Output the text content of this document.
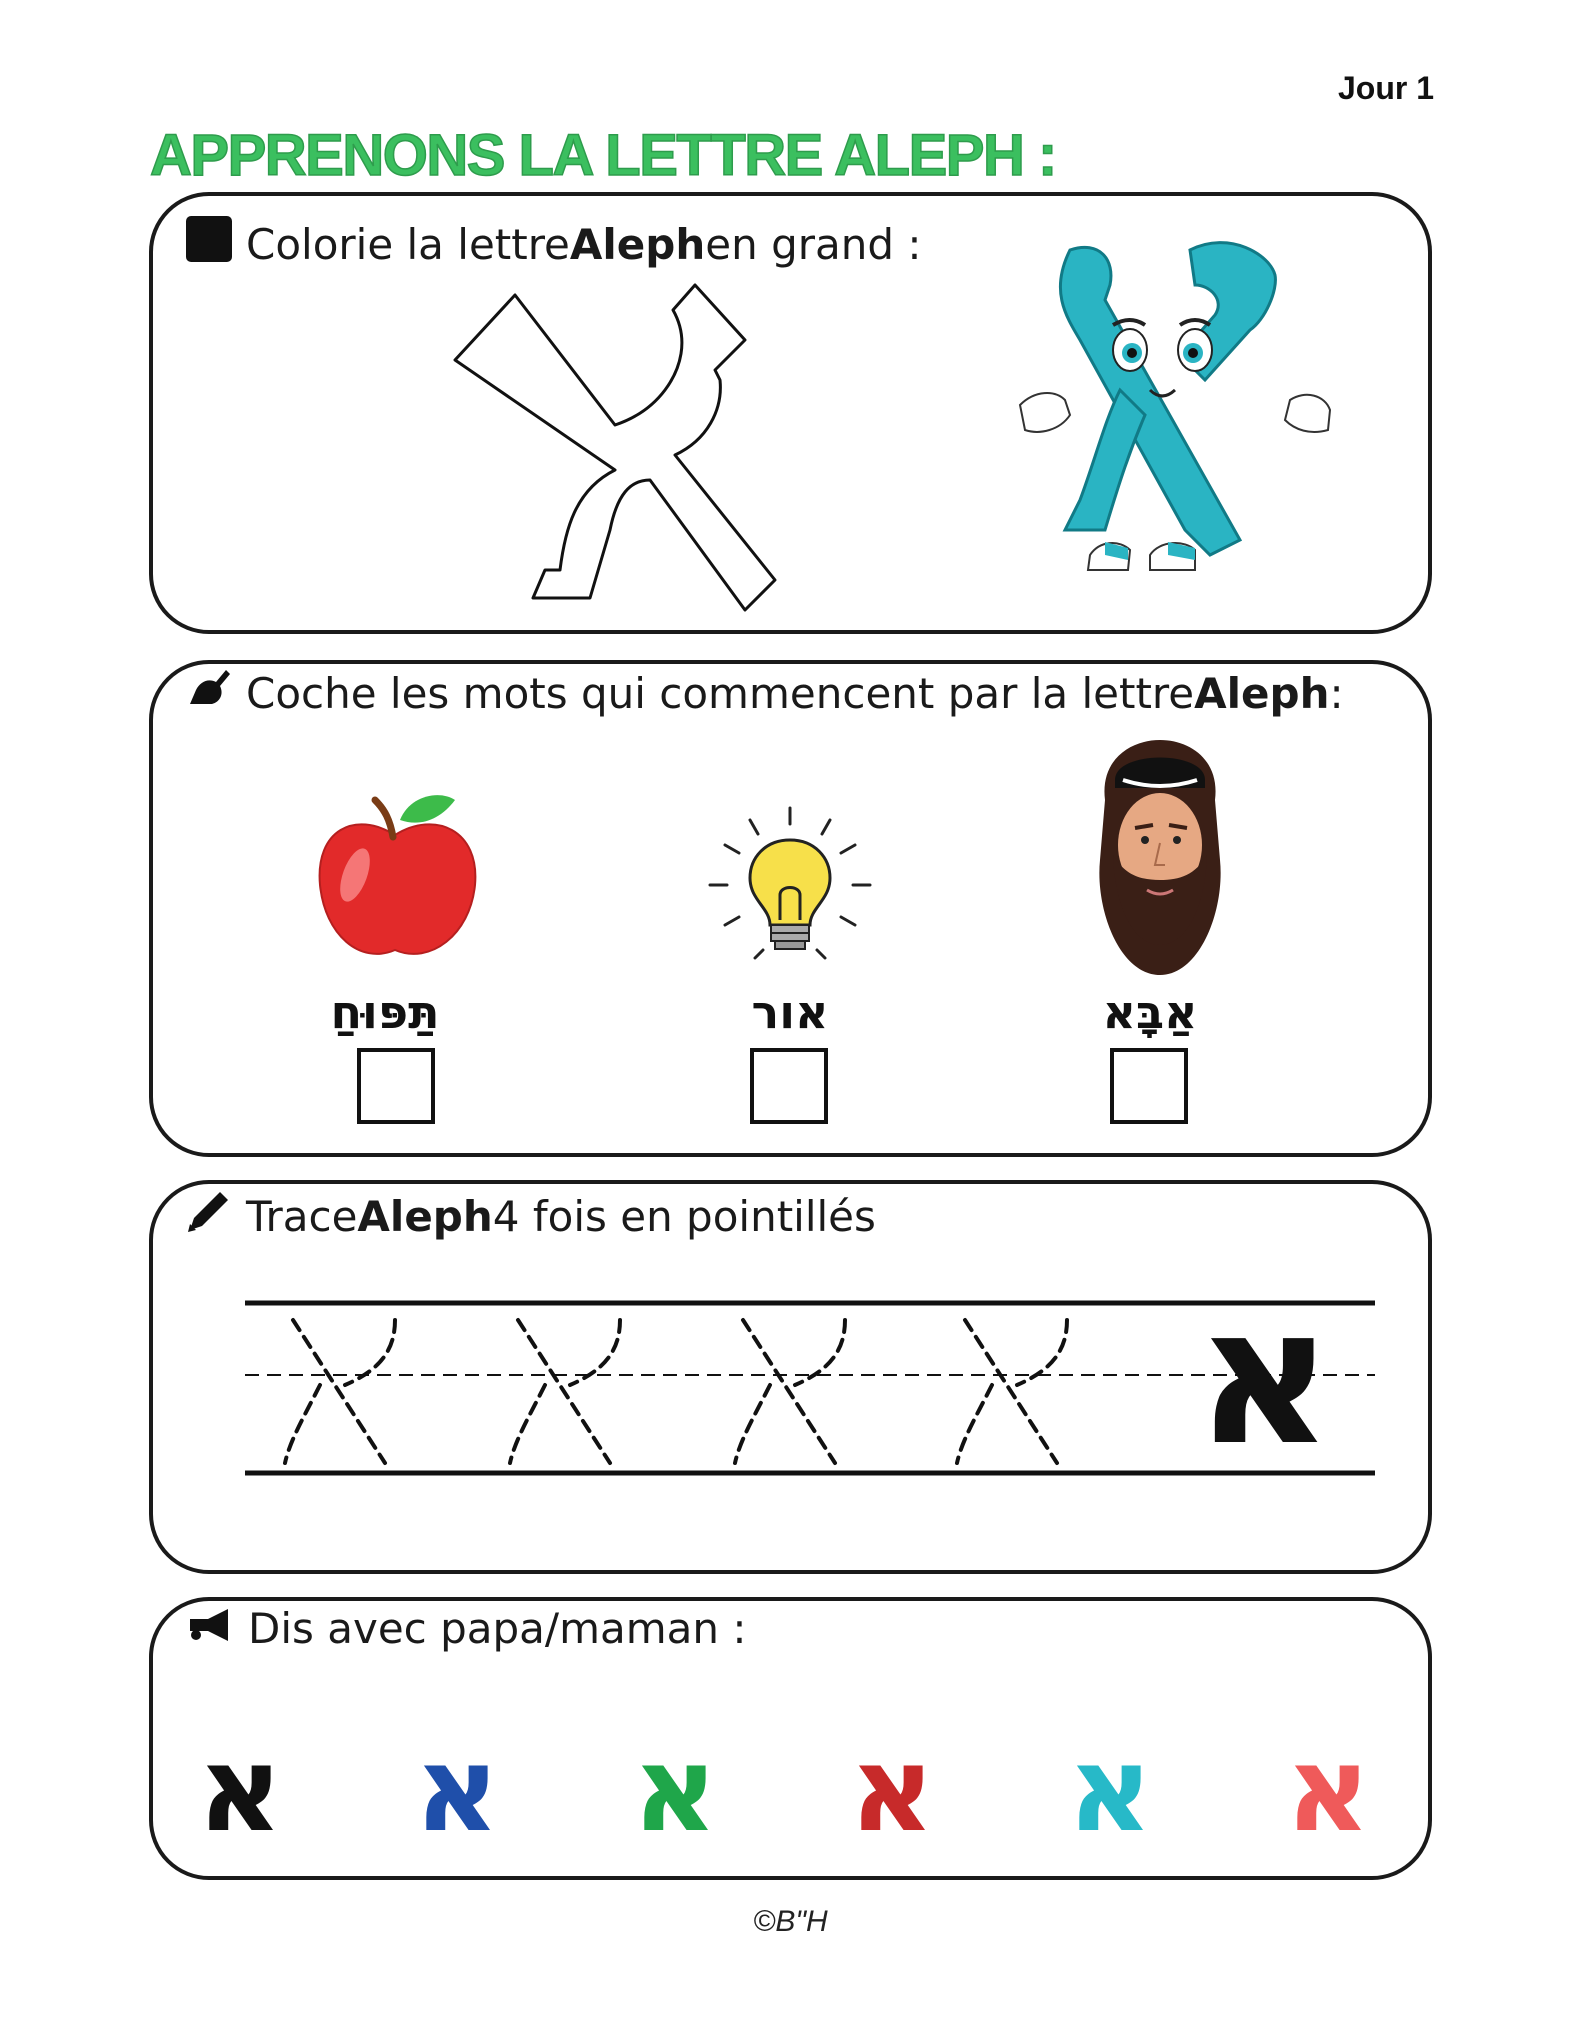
Jour 1
APPRENONS LA LETTRE ALEPH :
Colorie la lettre Aleph en grand :
Coche les mots qui commencent par la lettre Aleph :
תַּפּוּחַ	אור	אַבָּא
Trace Aleph 4 fois en pointillés
א
Dis avec papa/maman :
א א א א א א
©B"H
